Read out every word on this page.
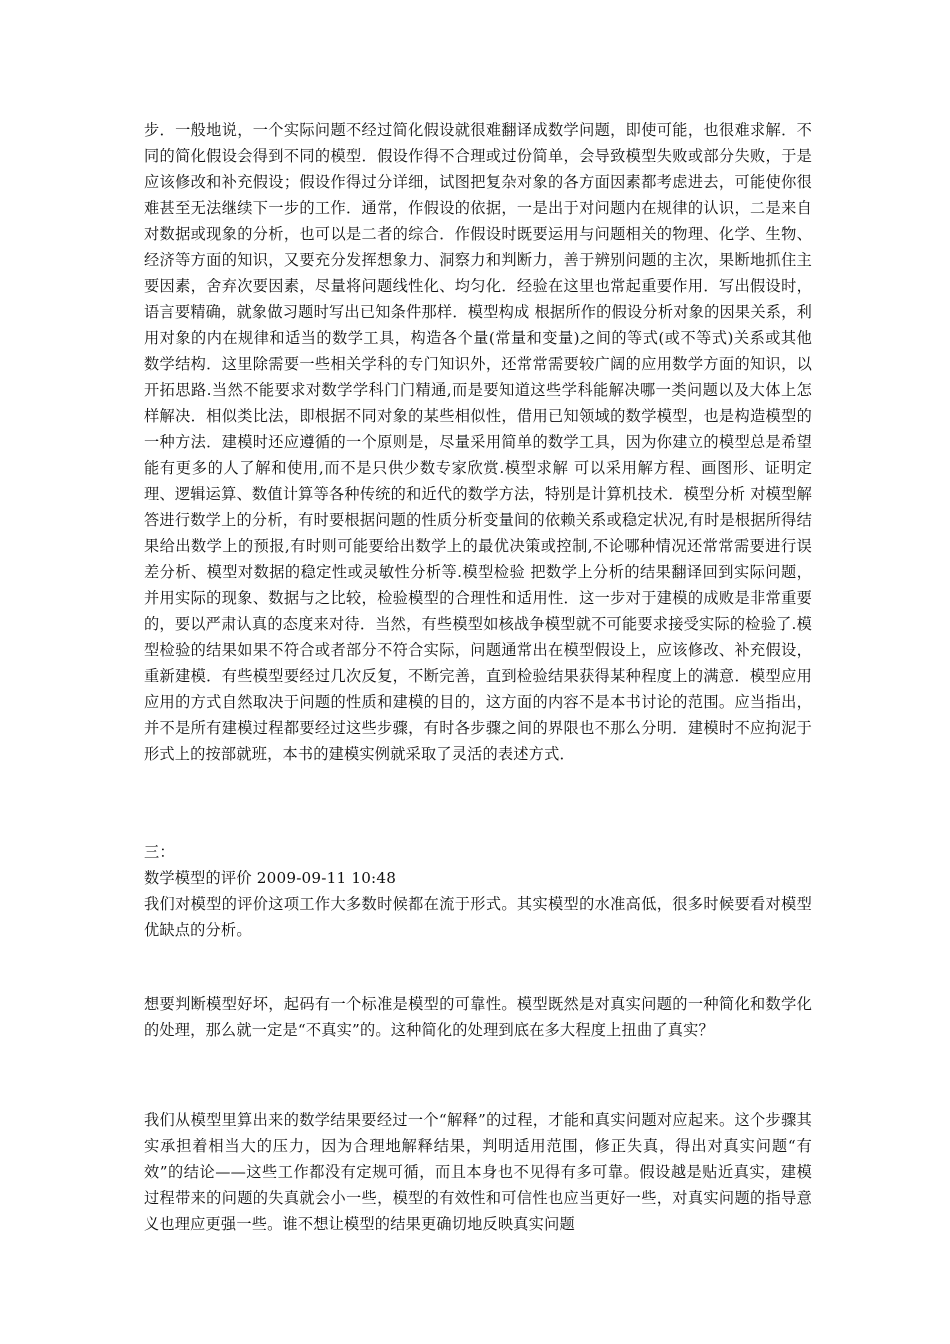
步．一般地说，一个实际问题不经过简化假设就很难翻译成数学问题，即使可能，也很难求解．不同的简化假设会得到不同的模型．假设作得不合理或过份简单，会导致模型失败或部分失败，于是应该修改和补充假设；假设作得过分详细，试图把复杂对象的各方面因素都考虑进去，可能使你很难甚至无法继续下一步的工作．通常，作假设的依据，一是出于对问题内在规律的认识，二是来自对数据或现象的分析，也可以是二者的综合．作假设时既要运用与问题相关的物理、化学、生物、经济等方面的知识，又要充分发挥想象力、洞察力和判断力，善于辨别问题的主次，果断地抓住主要因素，舍弃次要因素，尽量将问题线性化、均匀化．经验在这里也常起重要作用．写出假设时，语言要精确，就象做习题时写出已知条件那样．模型构成 根据所作的假设分析对象的因果关系，利用对象的内在规律和适当的数学工具，构造各个量(常量和变量)之间的等式(或不等式)关系或其他数学结构．这里除需要一些相关学科的专门知识外，还常常需要较广阔的应用数学方面的知识，以开拓思路.当然不能要求对数学学科门门精通,而是要知道这些学科能解决哪一类问题以及大体上怎样解决．相似类比法，即根据不同对象的某些相似性，借用已知领域的数学模型，也是构造模型的一种方法．建模时还应遵循的一个原则是，尽量采用简单的数学工具，因为你建立的模型总是希望能有更多的人了解和使用,而不是只供少数专家欣赏.模型求解 可以采用解方程、画图形、证明定理、逻辑运算、数值计算等各种传统的和近代的数学方法，特别是计算机技术．模型分析 对模型解答进行数学上的分析，有时要根据问题的性质分析变量间的依赖关系或稳定状况,有时是根据所得结果给出数学上的预报,有时则可能要给出数学上的最优决策或控制,不论哪种情况还常常需要进行误差分析、模型对数据的稳定性或灵敏性分析等.模型检验 把数学上分析的结果翻译回到实际问题，并用实际的现象、数据与之比较，检验模型的合理性和适用性．这一步对于建模的成败是非常重要的，要以严肃认真的态度来对待．当然，有些模型如核战争模型就不可能要求接受实际的检验了.模型检验的结果如果不符合或者部分不符合实际，问题通常出在模型假设上，应该修改、补充假设，重新建模．有些模型要经过几次反复，不断完善，直到检验结果获得某种程度上的满意．模型应用 应用的方式自然取决于问题的性质和建模的目的，这方面的内容不是本书讨论的范围。应当指出，并不是所有建模过程都要经过这些步骤，有时各步骤之间的界限也不那么分明．建模时不应拘泥于形式上的按部就班，本书的建模实例就采取了灵活的表述方式．

三：

数学模型的评价 2009-09-11 10:48

我们对模型的评价这项工作大多数时候都在流于形式。其实模型的水准高低，很多时候要看对模型优缺点的分析。

想要判断模型好坏，起码有一个标准是模型的可靠性。模型既然是对真实问题的一种简化和数学化的处理，那么就一定是“不真实”的。这种简化的处理到底在多大程度上扭曲了真实？

我们从模型里算出来的数学结果要经过一个“解释”的过程，才能和真实问题对应起来。这个步骤其实承担着相当大的压力，因为合理地解释结果，判明适用范围，修正失真，得出对真实问题“有效”的结论——这些工作都没有定规可循，而且本身也不见得有多可靠。假设越是贴近真实，建模过程带来的问题的失真就会小一些，模型的有效性和可信性也应当更好一些，对真实问题的指导意义也理应更强一些。谁不想让模型的结果更确切地反映真实问题
